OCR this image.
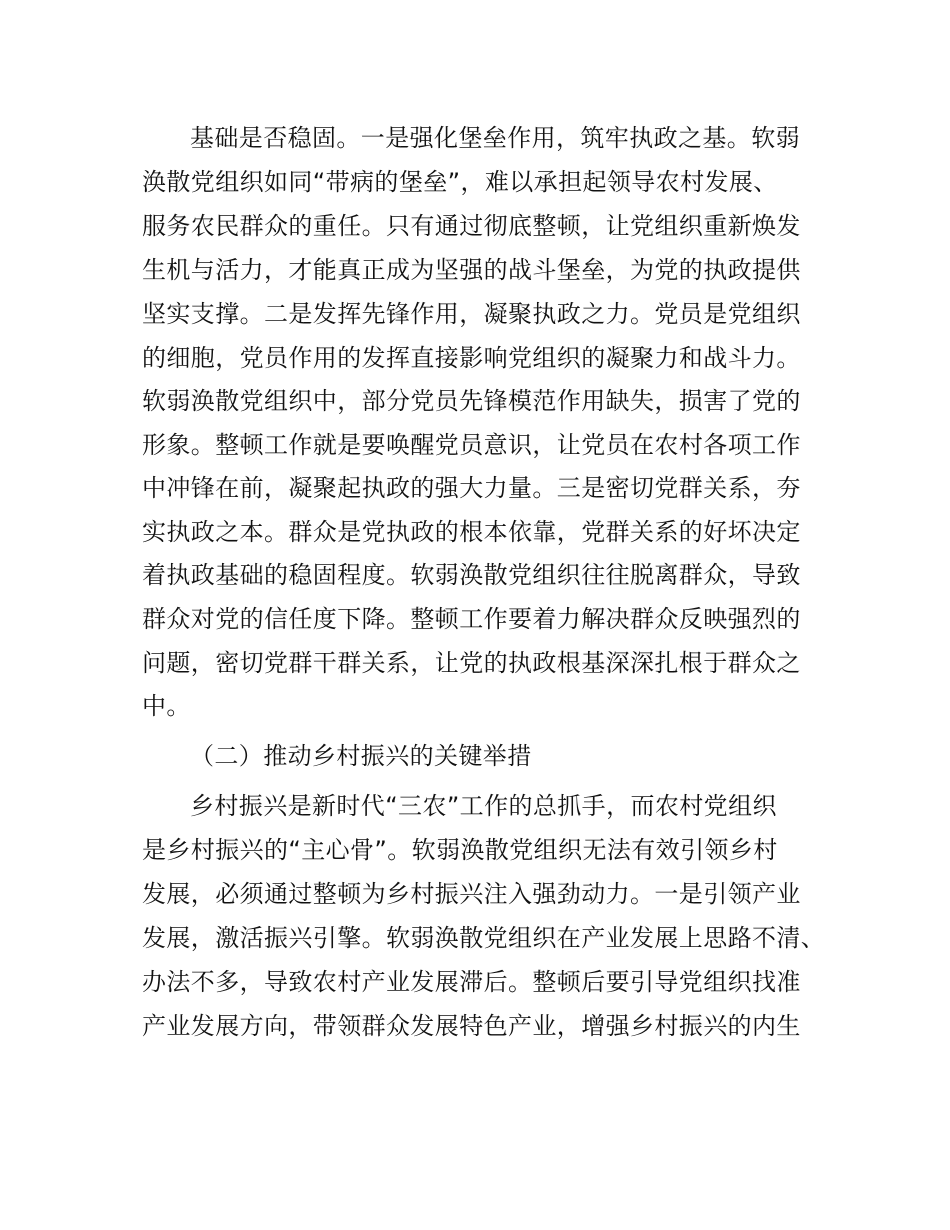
基础是否稳固。一是强化堡垒作用，筑牢执政之基。软弱
涣散党组织如同“带病的堡垒”，难以承担起领导农村发展、
服务农民群众的重任。只有通过彻底整顿，让党组织重新焕发
生机与活力，才能真正成为坚强的战斗堡垒，为党的执政提供
坚实支撑。二是发挥先锋作用，凝聚执政之力。党员是党组织
的细胞，党员作用的发挥直接影响党组织的凝聚力和战斗力。
软弱涣散党组织中，部分党员先锋模范作用缺失，损害了党的
形象。整顿工作就是要唤醒党员意识，让党员在农村各项工作
中冲锋在前，凝聚起执政的强大力量。三是密切党群关系，夯
实执政之本。群众是党执政的根本依靠，党群关系的好坏决定
着执政基础的稳固程度。软弱涣散党组织往往脱离群众，导致
群众对党的信任度下降。整顿工作要着力解决群众反映强烈的
问题，密切党群干群关系，让党的执政根基深深扎根于群众之
中。
（二）推动乡村振兴的关键举措
乡村振兴是新时代“三农”工作的总抓手，而农村党组织
是乡村振兴的“主心骨”。软弱涣散党组织无法有效引领乡村
发展，必须通过整顿为乡村振兴注入强劲动力。一是引领产业
发展，激活振兴引擎。软弱涣散党组织在产业发展上思路不清、
办法不多，导致农村产业发展滞后。整顿后要引导党组织找准
产业发展方向，带领群众发展特色产业，增强乡村振兴的内生
